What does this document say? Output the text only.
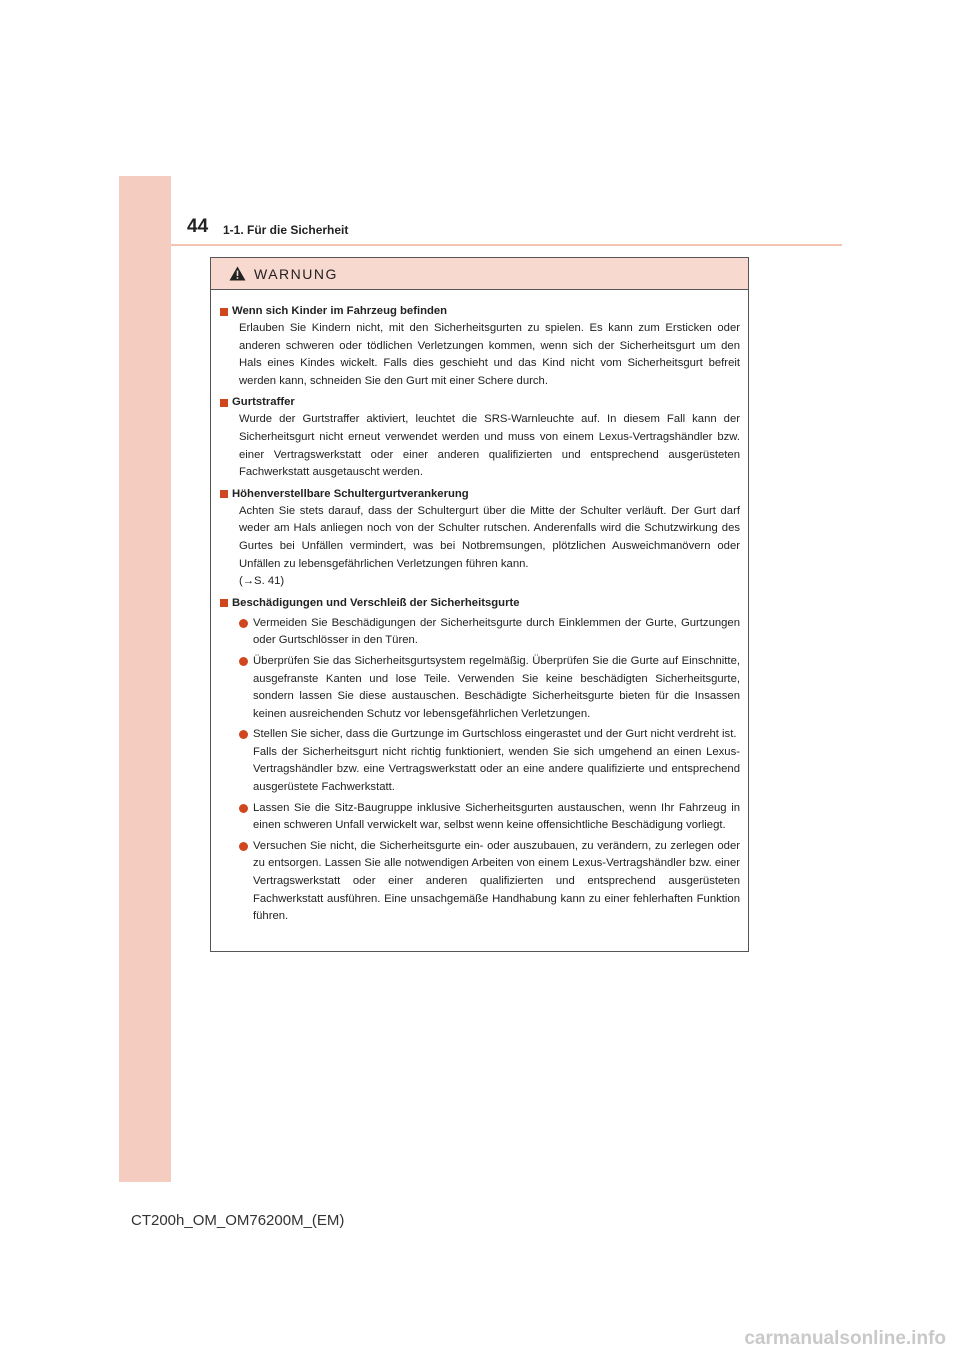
44 1-1. Für die Sicherheit
WARNUNG
Wenn sich Kinder im Fahrzeug befinden
Erlauben Sie Kindern nicht, mit den Sicherheitsgurten zu spielen. Es kann zum Ersticken oder anderen schweren oder tödlichen Verletzungen kommen, wenn sich der Sicherheitsgurt um den Hals eines Kindes wickelt. Falls dies geschieht und das Kind nicht vom Sicherheitsgurt befreit werden kann, schneiden Sie den Gurt mit einer Schere durch.
Gurtstraffer
Wurde der Gurtstraffer aktiviert, leuchtet die SRS-Warnleuchte auf. In diesem Fall kann der Sicherheitsgurt nicht erneut verwendet werden und muss von einem Lexus-Vertragshändler bzw. einer Vertragswerkstatt oder einer anderen qualifizierten und entsprechend ausgerüsteten Fachwerkstatt ausgetauscht werden.
Höhenverstellbare Schultergurtverankerung
Achten Sie stets darauf, dass der Schultergurt über die Mitte der Schulter verläuft. Der Gurt darf weder am Hals anliegen noch von der Schulter rutschen. Anderenfalls wird die Schutzwirkung des Gurtes bei Unfällen vermindert, was bei Notbremsungen, plötzlichen Ausweichmanövern oder Unfällen zu lebensgefährlichen Verletzungen führen kann.
(→S. 41)
Beschädigungen und Verschleiß der Sicherheitsgurte
Vermeiden Sie Beschädigungen der Sicherheitsgurte durch Einklemmen der Gurte, Gurtzungen oder Gurtschlösser in den Türen.
Überprüfen Sie das Sicherheitsgurtsystem regelmäßig. Überprüfen Sie die Gurte auf Einschnitte, ausgefranste Kanten und lose Teile. Verwenden Sie keine beschädigten Sicherheitsgurte, sondern lassen Sie diese austauschen. Beschädigte Sicherheitsgurte bieten für die Insassen keinen ausreichenden Schutz vor lebensgefährlichen Verletzungen.
Stellen Sie sicher, dass die Gurtzunge im Gurtschloss eingerastet und der Gurt nicht verdreht ist.
Falls der Sicherheitsgurt nicht richtig funktioniert, wenden Sie sich umgehend an einen Lexus-Vertragshändler bzw. eine Vertragswerkstatt oder an eine andere qualifizierte und entsprechend ausgerüstete Fachwerkstatt.
Lassen Sie die Sitz-Baugruppe inklusive Sicherheitsgurten austauschen, wenn Ihr Fahrzeug in einen schweren Unfall verwickelt war, selbst wenn keine offensichtliche Beschädigung vorliegt.
Versuchen Sie nicht, die Sicherheitsgurte ein- oder auszubauen, zu verändern, zu zerlegen oder zu entsorgen. Lassen Sie alle notwendigen Arbeiten von einem Lexus-Vertragshändler bzw. einer Vertragswerkstatt oder einer anderen qualifizierten und entsprechend ausgerüsteten Fachwerkstatt ausführen. Eine unsachgemäße Handhabung kann zu einer fehlerhaften Funktion führen.
CT200h_OM_OM76200M_(EM)
carmanualsonline.info
